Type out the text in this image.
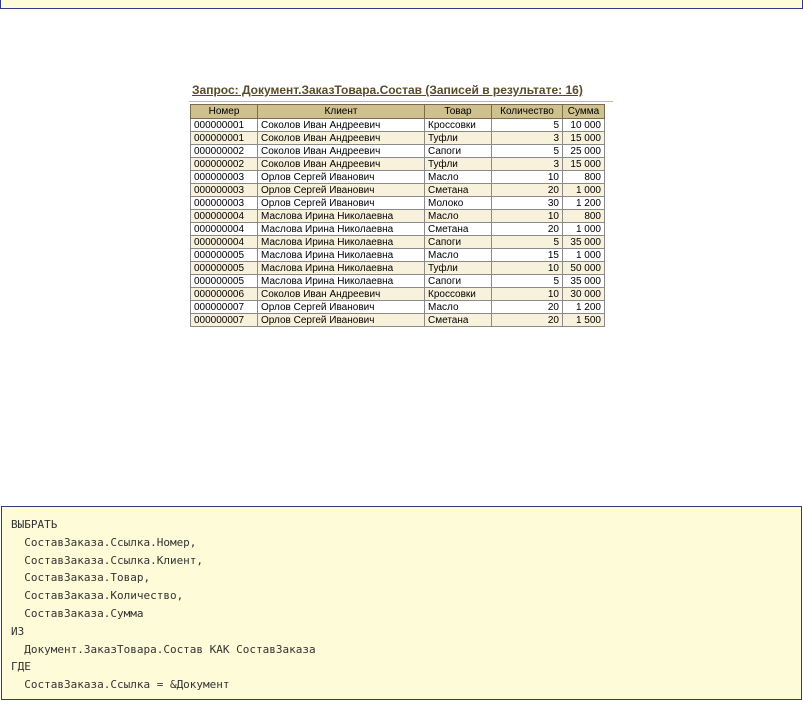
Запрос: Документ.ЗаказТовара.Состав (Записей в результате: 16)
Номер	Клиент	Товар	Количество	Сумма
000000001	Соколов Иван Андреевич	Кроссовки	5	10 000
000000001	Соколов Иван Андреевич	Туфли	3	15 000
000000002	Соколов Иван Андреевич	Сапоги	5	25 000
000000002	Соколов Иван Андреевич	Туфли	3	15 000
000000003	Орлов Сергей Иванович	Масло	10	800
000000003	Орлов Сергей Иванович	Сметана	20	1 000
000000003	Орлов Сергей Иванович	Молоко	30	1 200
000000004	Маслова Ирина Николаевна	Масло	10	800
000000004	Маслова Ирина Николаевна	Сметана	20	1 000
000000004	Маслова Ирина Николаевна	Сапоги	5	35 000
000000005	Маслова Ирина Николаевна	Масло	15	1 000
000000005	Маслова Ирина Николаевна	Туфли	10	50 000
000000005	Маслова Ирина Николаевна	Сапоги	5	35 000
000000006	Соколов Иван Андреевич	Кроссовки	10	30 000
000000007	Орлов Сергей Иванович	Масло	20	1 200
000000007	Орлов Сергей Иванович	Сметана	20	1 500
ВЫБРАТЬ
СоставЗаказа.Ссылка.Номер,
СоставЗаказа.Ссылка.Клиент,
СоставЗаказа.Товар,
СоставЗаказа.Количество,
СоставЗаказа.Сумма
ИЗ
Документ.ЗаказТовара.Состав КАК СоставЗаказа
ГДЕ
СоставЗаказа.Ссылка = &Документ
